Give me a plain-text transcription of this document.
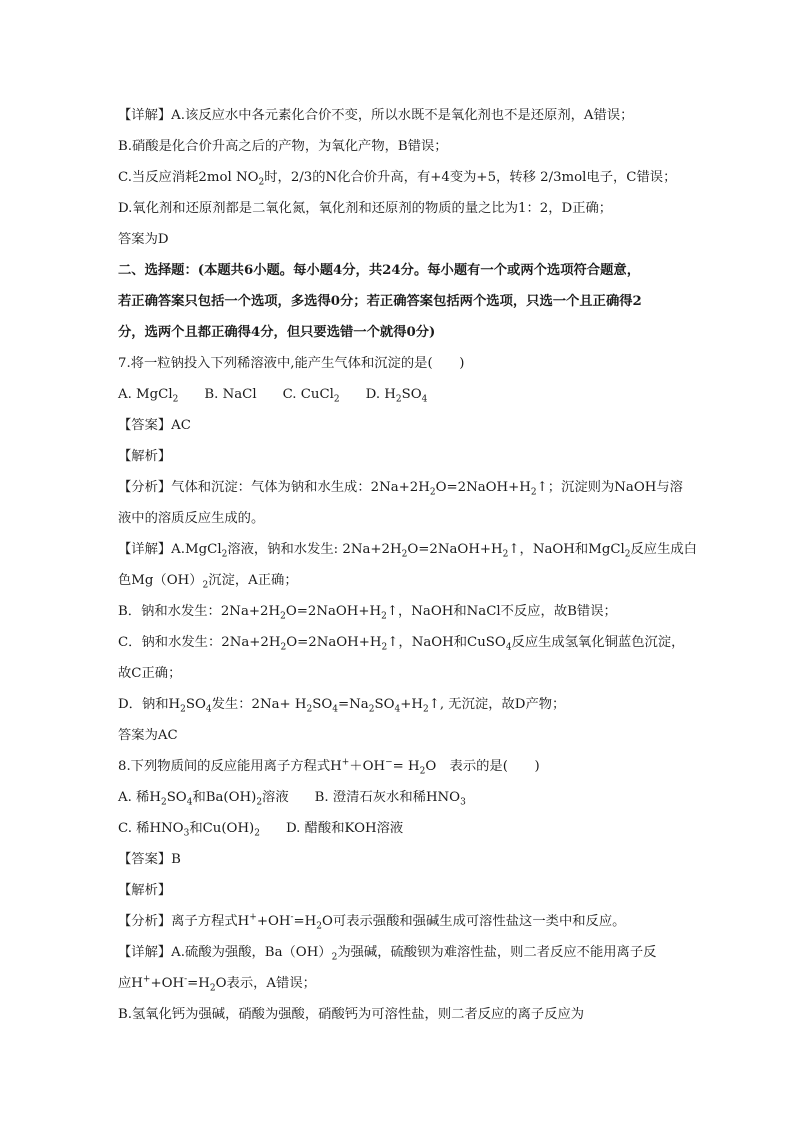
【详解】A.该反应水中各元素化合价不变，所以水既不是氧化剂也不是还原剂，A错误；
B.硝酸是化合价升高之后的产物，为氧化产物，B错误；
C.当反应消耗2mol $NO_2$时，2/3的N化合价升高，有+4变为+5，转移 2/3mol电子，C错误；
D.氧化剂和还原剂都是二氧化氮，氧化剂和还原剂的物质的量之比为1：2，D正确；
答案为D
二、选择题：(本题共6小题。每小题4分，共24分。每小题有一个或两个选项符合题意，
若正确答案只包括一个选项，多选得0分；若正确答案包括两个选项，只选一个且正确得2
分，选两个且都正确得4分，但只要选错一个就得0分)
7.将一粒钠投入下列稀溶液中,能产生气体和沉淀的是(　　)
A. MgCl$_2$ B. NaCl C. CuCl$_2$ D. $H_2SO_4$
【答案】AC
【解析】
【分析】气体和沉淀：气体为钠和水生成：$2Na+2H_2O=2NaOH+H_2↑$；沉淀则为NaOH与溶
液中的溶质反应生成的。
【详解】A.MgCl$_2$溶液，钠和水发生: $2Na+2H_2O=2NaOH+H_2↑$，NaOH和MgCl$_2$反应生成白
色$Mg(OH)_2$沉淀，A正确；
B．钠和水发生：$2Na+2H_2O=2NaOH+H_2↑$，NaOH和NaCl不反应，故B错误；
C．钠和水发生：$2Na+2H_2O=2NaOH+H_2↑$，NaOH和CuSO$_4$反应生成氢氧化铜蓝色沉淀，
故C正确；
D．钠和$H_2SO_4$发生：$2Na+ H_2SO_4=Na_2SO_4+H_2↑$, 无沉淀，故D产物；
答案为AC
8.下列物质间的反应能用离子方程式$H^++OH^-= H_2O$　表示的是(　　)
A. 稀$H_2SO_4$和$Ba(OH)_2$溶液 B. 澄清石灰水和稀$HNO_3$
C. 稀$HNO_3$和$Cu(OH)_2$ D. 醋酸和KOH溶液
【答案】B
【解析】
【分析】离子方程式$H^++OH^-=H_2O$可表示强酸和强碱生成可溶性盐这一类中和反应。
【详解】A.硫酸为强酸，$Ba(OH)_2$为强碱，硫酸钡为难溶性盐，则二者反应不能用离子反
应$H^++OH^-=H_2O$表示，A错误；
B.氢氧化钙为强碱，硝酸为强酸，硝酸钙为可溶性盐，则二者反应的离子反应为
